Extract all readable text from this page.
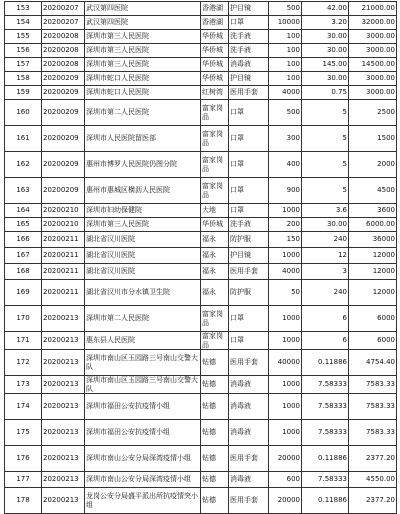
153	20200207	武汉第四医院	香港湖	护目镜	500	42.00	21000.00
154	20200207	武汉第四医院	香港湖	口罩	10000	3.20	32000.00
155	20200208	深圳市第三人民医院	华侨城	洗手液	100	30.00	3000.00
156	20200208	深圳市第三人民医院	华侨城	洗手液	100	30.00	3000.00
157	20200208	深圳市第三人民医院	华侨城	消毒液	100	145.00	14500.00
158	20200209	深圳市蛇口人民医院	华侨城	护目镜	100	30.00	3000.00
159	20200209	深圳市蛇口人民医院	红树湾	医用手套	4000	0.75	3000.00
160	20200209	深圳市第二人民医院	富家岗品	口罩	500	5	2500
161	20200209	深圳市人民医院留医部	富家岗品	口罩	300	5	1500
162	20200209	惠州市博罗人民医院仍图分院	富家岗品	口罩	400	5	2000
163	20200209	惠州市惠城区横沥人民医院	富家岗品	口罩	900	5	4500
164	20200210	深圳市妇幼保健院	大地	口罩	1000	3.6	3600
165	20200210	深圳市第三人民医院	华侨城	洗手液	200	30.00	6000.00
166	20200211	湖北省汉川医院	福永	防护服	150	240	36000
167	20200211	湖北省汉川医院	福永	护目镜	1000	12	12000
168	20200211	湖北省汉川医院	福永	医用手套	4000	3	12000
169	20200211	湖北省汉川市分水镇卫生院	福永	防护服	50	240	12000
170	20200213	深圳市第二人民医院	富家岗品	口罩	1000	6	6000
171	20200213	惠东县人民医院	富家岗品	口罩	1000	6	6000
172	20200213	深圳市南山区玉园路三号南山交警大队	钻德	医用手套	40000	0.11886	4754.40
173	20200213	深圳市南山区玉园路三号南山交警大队	钻德	消毒液	1000	7.58333	7583.33
174	20200213	深圳市福田公安抗疫情小组	钻德	消毒液	1000	7.58333	7583.33
175	20200213	深圳市福田公安抗疫情小组	钻德	消毒液	1000	7.58333	7583.33
176	20200213	深圳市南山公安分局深湾疫情小组	钻德	医用手套	20000	0.11886	2377.20
177	20200213	深圳市南山公安分局深湾疫情小组	钻德	消毒液	600	7.58333	4550.00
178	20200213	龙岗公安分局盛平派出所抗疫情突小组	钻德	医用手套	20000	0.11886	2377.20
